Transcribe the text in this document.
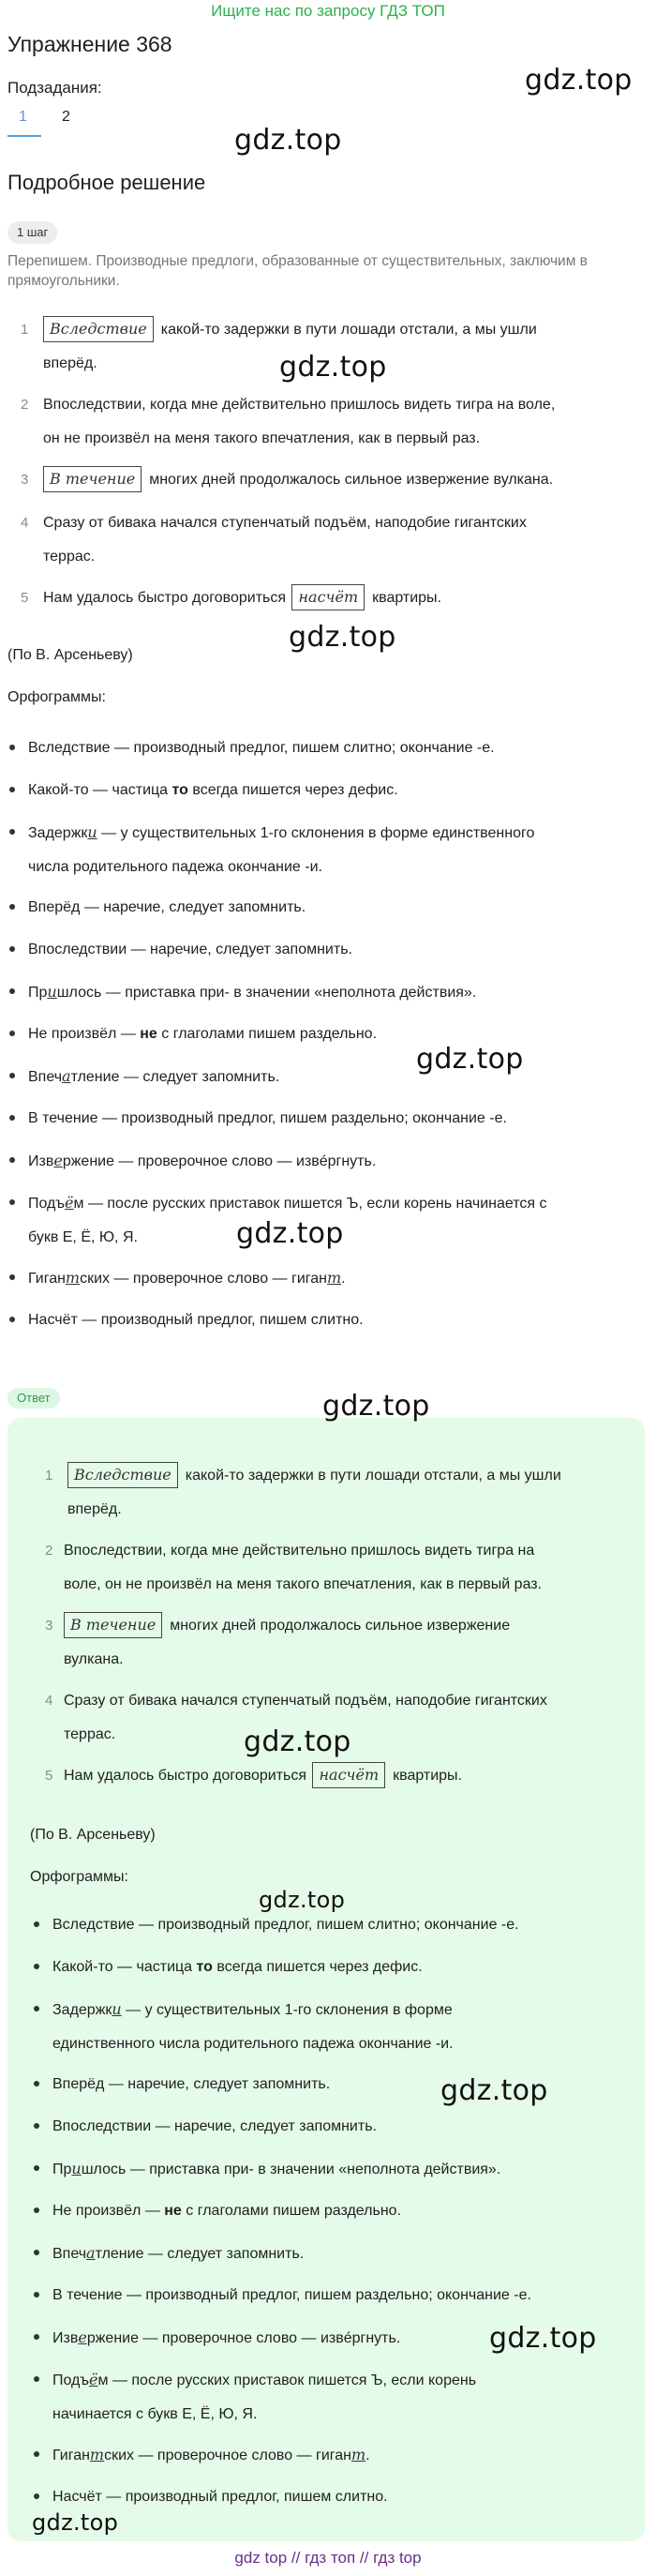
Ищите нас по запросу ГДЗ ТОП
Упражнение 368
Подзадания:
1 2
Подробное решение
1 шаг
Перепишем. Производные предлоги, образованные от существительных, заключим в прямоугольники.
1	Вследствие какой-то задержки в пути лошади отстали, а мы ушли
вперёд.
2 Впоследствии, когда мне действительно пришлось видеть тигра на воле,
он не произвёл на меня такого впечатления, как в первый раз.
3	В течение многих дней продолжалось сильное извержение вулкана.
4 Сразу от бивака начался ступенчатый подъём, наподобие гигантских
террас.
5 Нам удалось быстро договориться насчёт квартиры.
(По В. Арсеньеву)
Орфограммы:
Вследствие — производный предлог, пишем слитно; окончание -е.
Какой-то — частица то всегда пишется через дефис.
Задержки — у существительных 1-го склонения в форме единственного
числа родительного падежа окончание -и.
Вперёд — наречие, следует запомнить.
Впоследствии — наречие, следует запомнить.
Пришлось — приставка при- в значении «неполнота действия».
Не произвёл — не с глаголами пишем раздельно.
Впечатление — следует запомнить.
В течение — производный предлог, пишем раздельно; окончание -е.
Извержение — проверочное слово — извéргнуть.
Подъём — после русских приставок пишется Ъ, если корень начинается с
букв Е, Ё, Ю, Я.
Гигантских — проверочное слово — гигант.
Насчёт — производный предлог, пишем слитно.
Ответ
1	Вследствие какой-то задержки в пути лошади отстали, а мы ушли
вперёд.
2 Впоследствии, когда мне действительно пришлось видеть тигра на
воле, он не произвёл на меня такого впечатления, как в первый раз.
3	В течение многих дней продолжалось сильное извержение
вулкана.
4 Сразу от бивака начался ступенчатый подъём, наподобие гигантских
террас.
5 Нам удалось быстро договориться насчёт квартиры.
(По В. Арсеньеву)
Орфограммы:
Вследствие — производный предлог, пишем слитно; окончание -е.
Какой-то — частица то всегда пишется через дефис.
Задержки — у существительных 1-го склонения в форме
единственного числа родительного падежа окончание -и.
Вперёд — наречие, следует запомнить.
Впоследствии — наречие, следует запомнить.
Пришлось — приставка при- в значении «неполнота действия».
Не произвёл — не с глаголами пишем раздельно.
Впечатление — следует запомнить.
В течение — производный предлог, пишем раздельно; окончание -е.
Извержение — проверочное слово — извéргнуть.
Подъём — после русских приставок пишется Ъ, если корень
начинается с букв Е, Ё, Ю, Я.
Гигантских — проверочное слово — гигант.
Насчёт — производный предлог, пишем слитно.
gdz.top
gdz.top
gdz.top
gdz.top
gdz.top
gdz.top
gdz.top
gdz.top
gdz.top
gdz.top
gdz.top
gdz.top
gdz top // гдз топ // гдз top
